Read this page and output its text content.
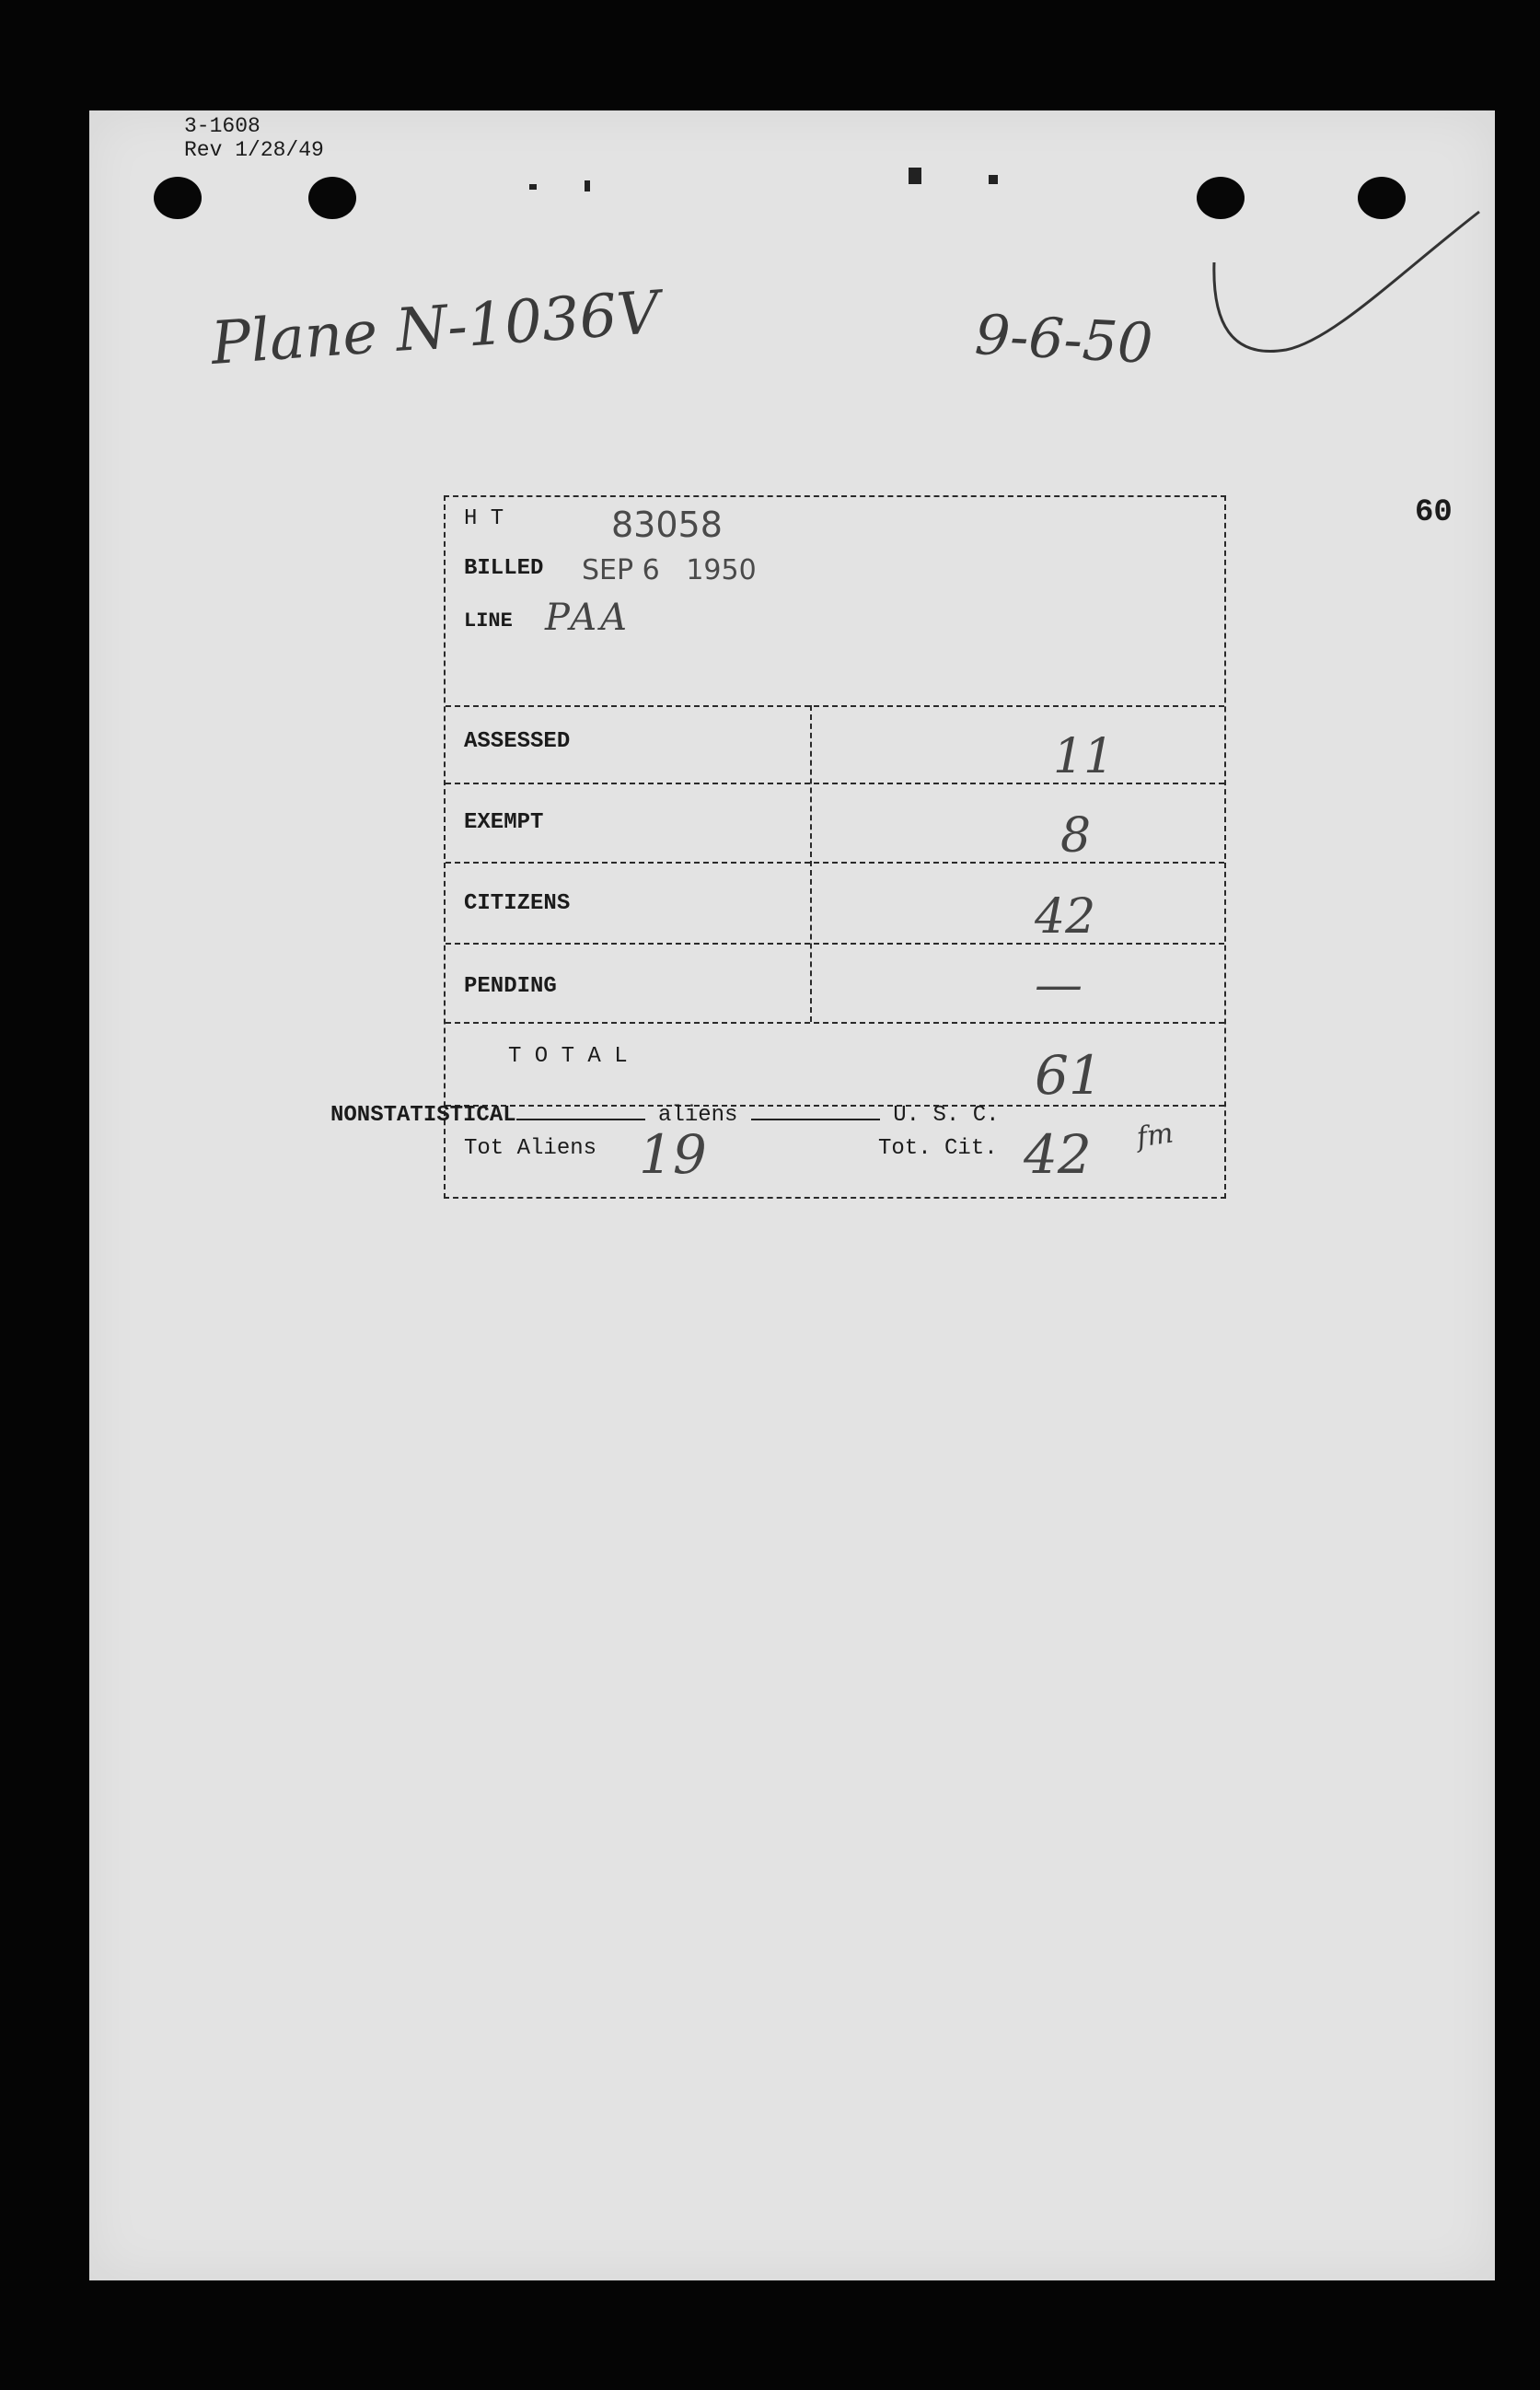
3-1608
Rev 1/28/49
Plane N-1036V	9-6-50
60
H T	83058
BILLED SEP 6   1950
LINE PAA
ASSESSED	11
EXEMPT	8
CITIZENS	42
PENDING	—
T O T A L	61
Tot Aliens 19	Tot. Cit. 42 fm
NONSTATISTICAL	aliens	U. S. C.
